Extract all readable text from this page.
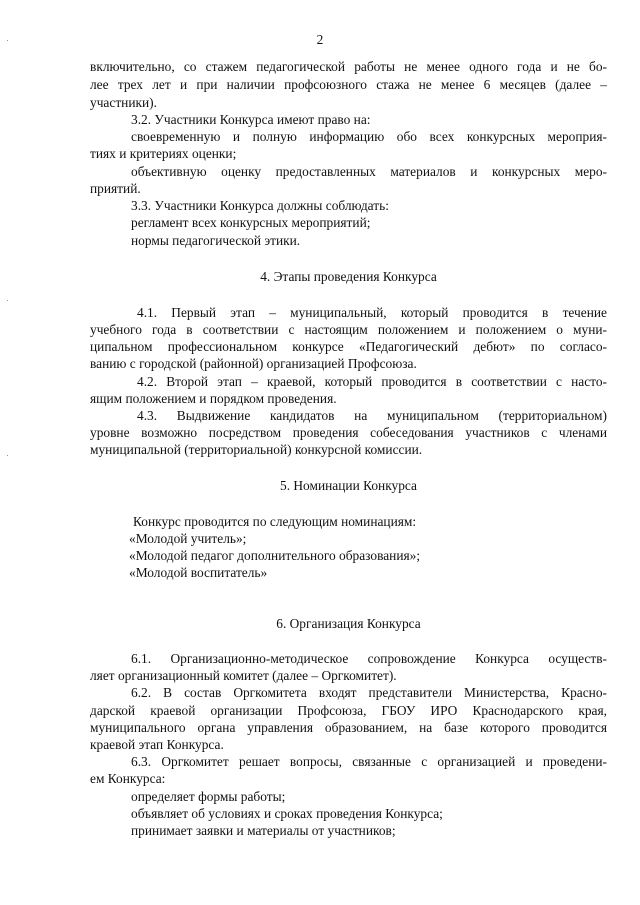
2
включительно, со стажем педагогической работы не менее одного года и не бо-
лее трех лет и при наличии профсоюзного стажа не менее 6 месяцев (далее –
участники).
3.2. Участники Конкурса имеют право на:
своевременную и полную информацию обо всех конкурсных мероприя-
тиях и критериях оценки;
объективную оценку предоставленных материалов и конкурсных меро-
приятий.
3.3. Участники Конкурса должны соблюдать:
регламент всех конкурсных мероприятий;
нормы педагогической этики.
4. Этапы проведения Конкурса
4.1. Первый этап – муниципальный, который проводится в течение
учебного года в соответствии с настоящим положением и положением о муни-
ципальном профессиональном конкурсе «Педагогический дебют» по согласо-
ванию с городской (районной) организацией Профсоюза.
4.2. Второй этап – краевой, который проводится в соответствии с насто-
ящим положением и порядком проведения.
4.3. Выдвижение кандидатов на муниципальном (территориальном)
уровне возможно посредством проведения собеседования участников с членами
муниципальной (территориальной) конкурсной комиссии.
5. Номинации Конкурса
Конкурс проводится по следующим номинациям:
«Молодой учитель»;
«Молодой педагог дополнительного образования»;
«Молодой воспитатель»
6. Организация Конкурса
6.1. Организационно-методическое сопровождение Конкурса осуществ-
ляет организационный комитет (далее – Оргкомитет).
6.2. В состав Оргкомитета входят представители Министерства, Красно-
дарской краевой организации Профсоюза, ГБОУ ИРО Краснодарского края,
муниципального органа управления образованием, на базе которого проводится
краевой этап Конкурса.
6.3. Оргкомитет решает вопросы, связанные с организацией и проведени-
ем Конкурса:
определяет формы работы;
объявляет об условиях и сроках проведения Конкурса;
принимает заявки и материалы от участников;
